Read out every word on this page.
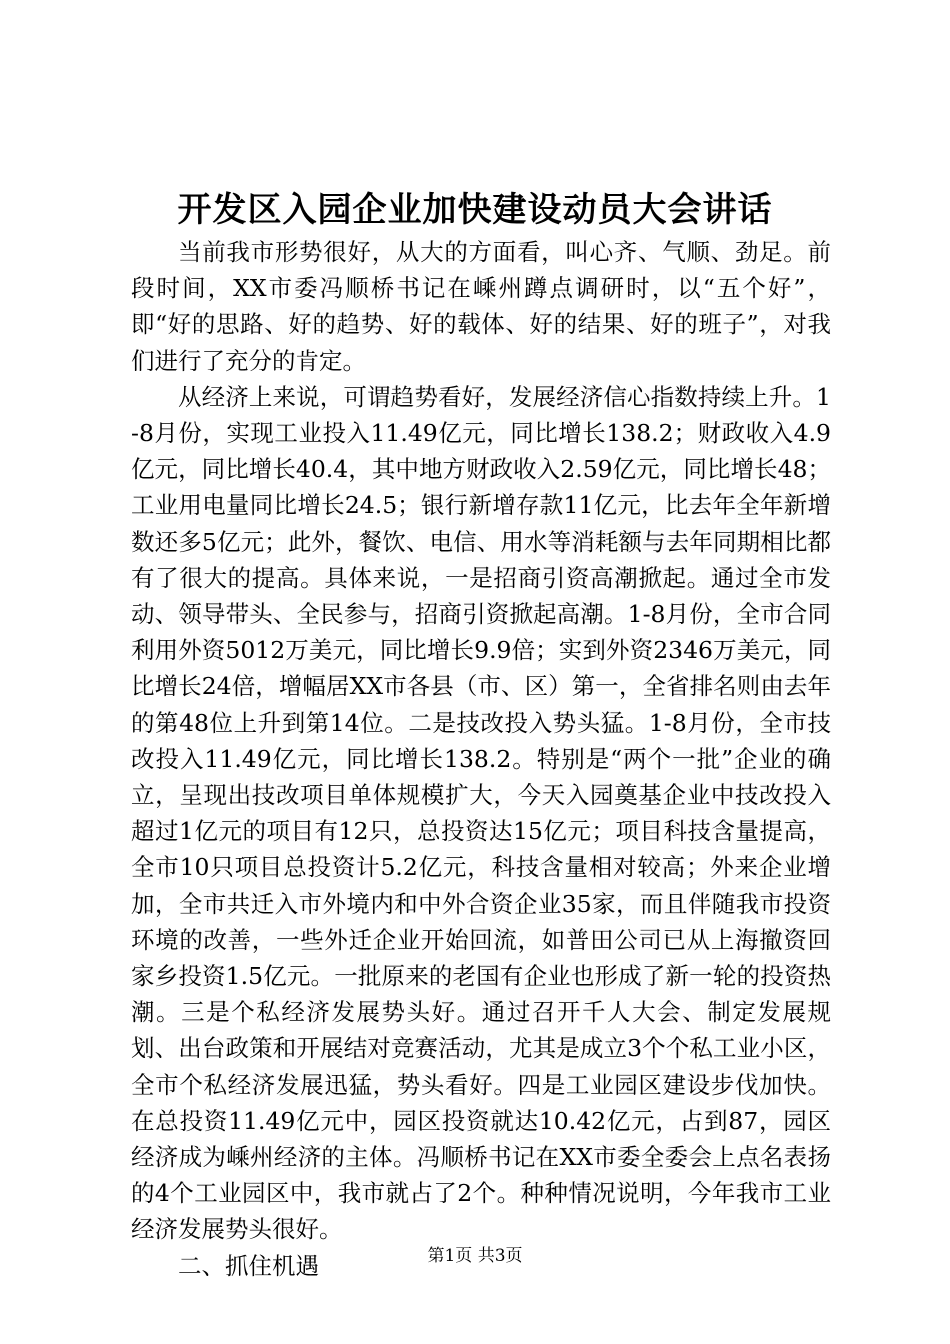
开发区入园企业加快建设动员大会讲话

当前我市形势很好，从大的方面看，叫心齐、气顺、劲足。前段时间，XX市委冯顺桥书记在嵊州蹲点调研时，以“五个好”，即“好的思路、好的趋势、好的载体、好的结果、好的班子”，对我们进行了充分的肯定。

从经济上来说，可谓趋势看好，发展经济信心指数持续上升。1-8月份，实现工业投入11.49亿元，同比增长138.2；财政收入4.9亿元，同比增长40.4，其中地方财政收入2.59亿元，同比增长48；工业用电量同比增长24.5；银行新增存款11亿元，比去年全年新增数还多5亿元；此外，餐饮、电信、用水等消耗额与去年同期相比都有了很大的提高。具体来说，一是招商引资高潮掀起。通过全市发动、领导带头、全民参与，招商引资掀起高潮。1-8月份，全市合同利用外资5012万美元，同比增长9.9倍；实到外资2346万美元，同比增长24倍，增幅居XX市各县（市、区）第一，全省排名则由去年的第48位上升到第14位。二是技改投入势头猛。1-8月份，全市技改投入11.49亿元，同比增长138.2。特别是“两个一批”企业的确立，呈现出技改项目单体规模扩大，今天入园奠基企业中技改投入超过1亿元的项目有12只，总投资达15亿元；项目科技含量提高，全市10只项目总投资计5.2亿元，科技含量相对较高；外来企业增加，全市共迁入市外境内和中外合资企业35家，而且伴随我市投资环境的改善，一些外迁企业开始回流，如普田公司已从上海撤资回家乡投资1.5亿元。一批原来的老国有企业也形成了新一轮的投资热潮。三是个私经济发展势头好。通过召开千人大会、制定发展规划、出台政策和开展结对竞赛活动，尤其是成立3个个私工业小区，全市个私经济发展迅猛，势头看好。四是工业园区建设步伐加快。在总投资11.49亿元中，园区投资就达10.42亿元，占到87，园区经济成为嵊州经济的主体。冯顺桥书记在XX市委全委会上点名表扬的4个工业园区中，我市就占了2个。种种情况说明，今年我市工业经济发展势头很好。

二、抓住机遇	第1页 共3页
